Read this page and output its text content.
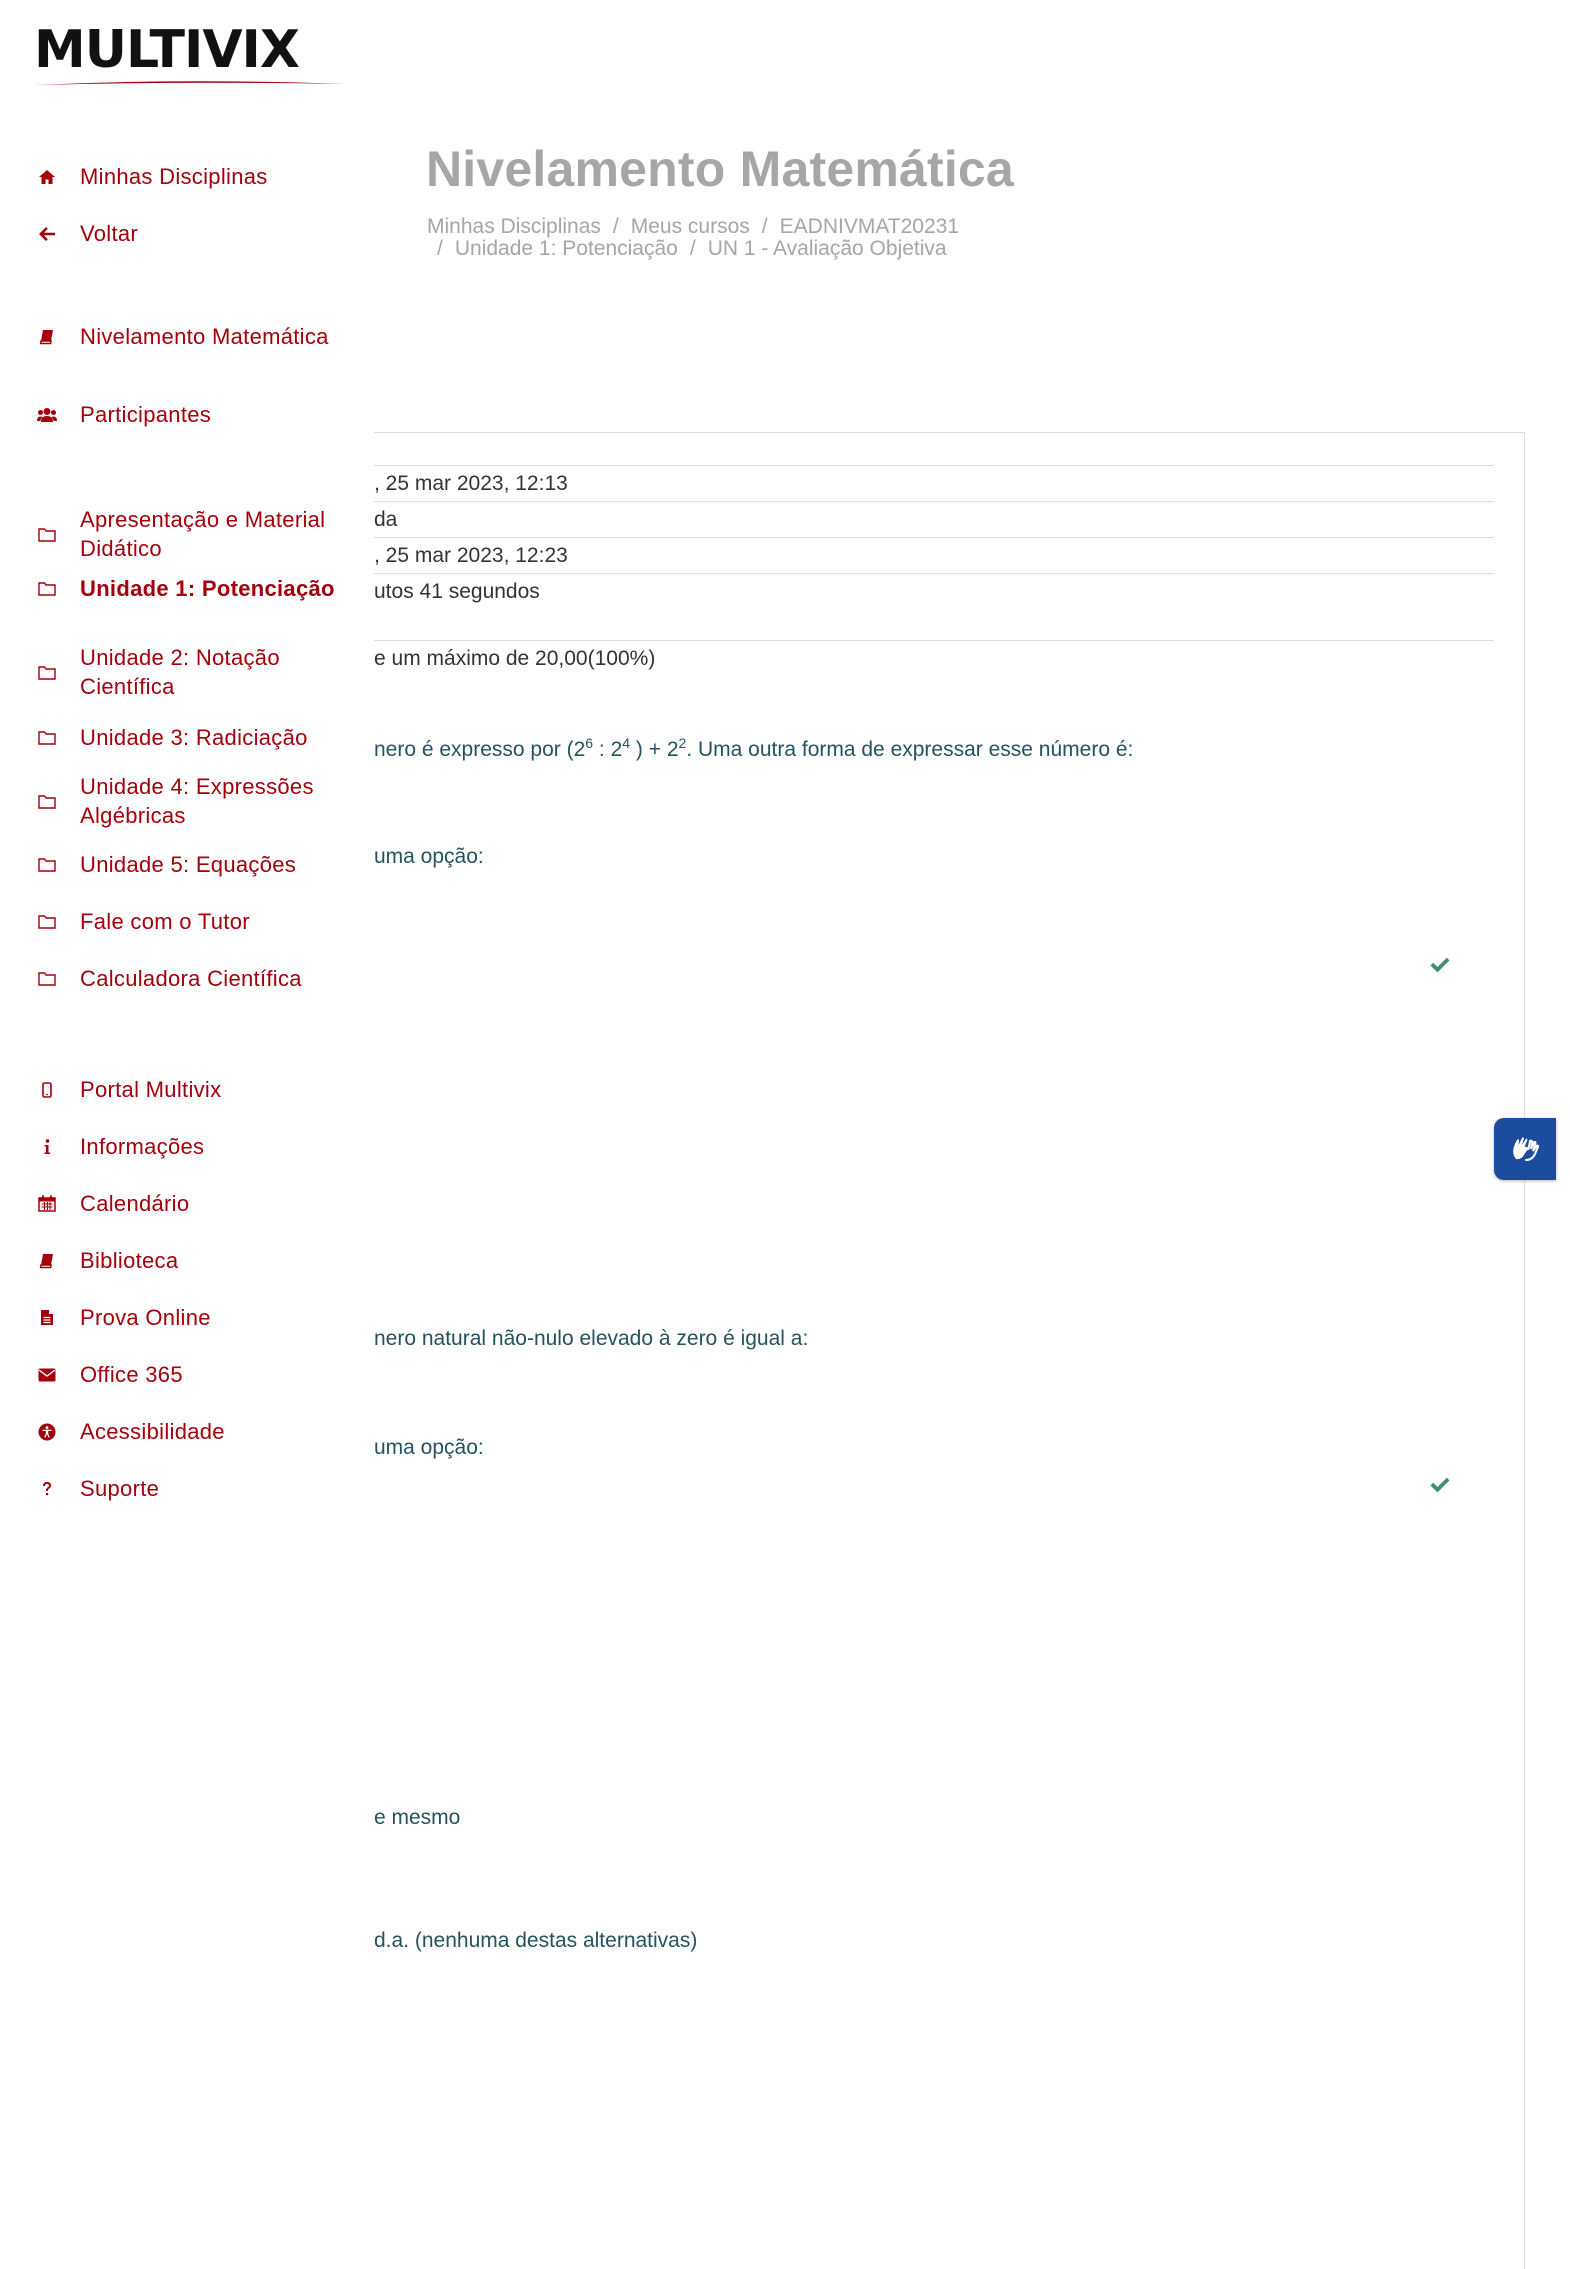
MULTIVIX
Minhas Disciplinas
Voltar
Nivelamento Matemática
Participantes
Apresentação e Material Didático
Unidade 1: Potenciação
Unidade 2: Notação Científica
Unidade 3: Radiciação
Unidade 4: Expressões Algébricas
Unidade 5: Equações
Fale com o Tutor
Calculadora Científica
Portal Multivix
Informações
Calendário
Biblioteca
Prova Online
Office 365
Acessibilidade
Suporte
Nivelamento Matemática
Minhas Disciplinas / Meus cursos / EADNIVMAT20231
/ Unidade 1: Potenciação / UN 1 - Avaliação Objetiva
, 25 mar 2023, 12:13
da
, 25 mar 2023, 12:23
utos 41 segundos
e um máximo de 20,00(100%)
nero é expresso por ($2^6$ : $2^4$ ) + $2^2$. Uma outra forma de expressar esse número é:
uma opção:
nero natural não-nulo elevado à zero é igual a:
uma opção:
e mesmo
d.a. (nenhuma destas alternativas)
